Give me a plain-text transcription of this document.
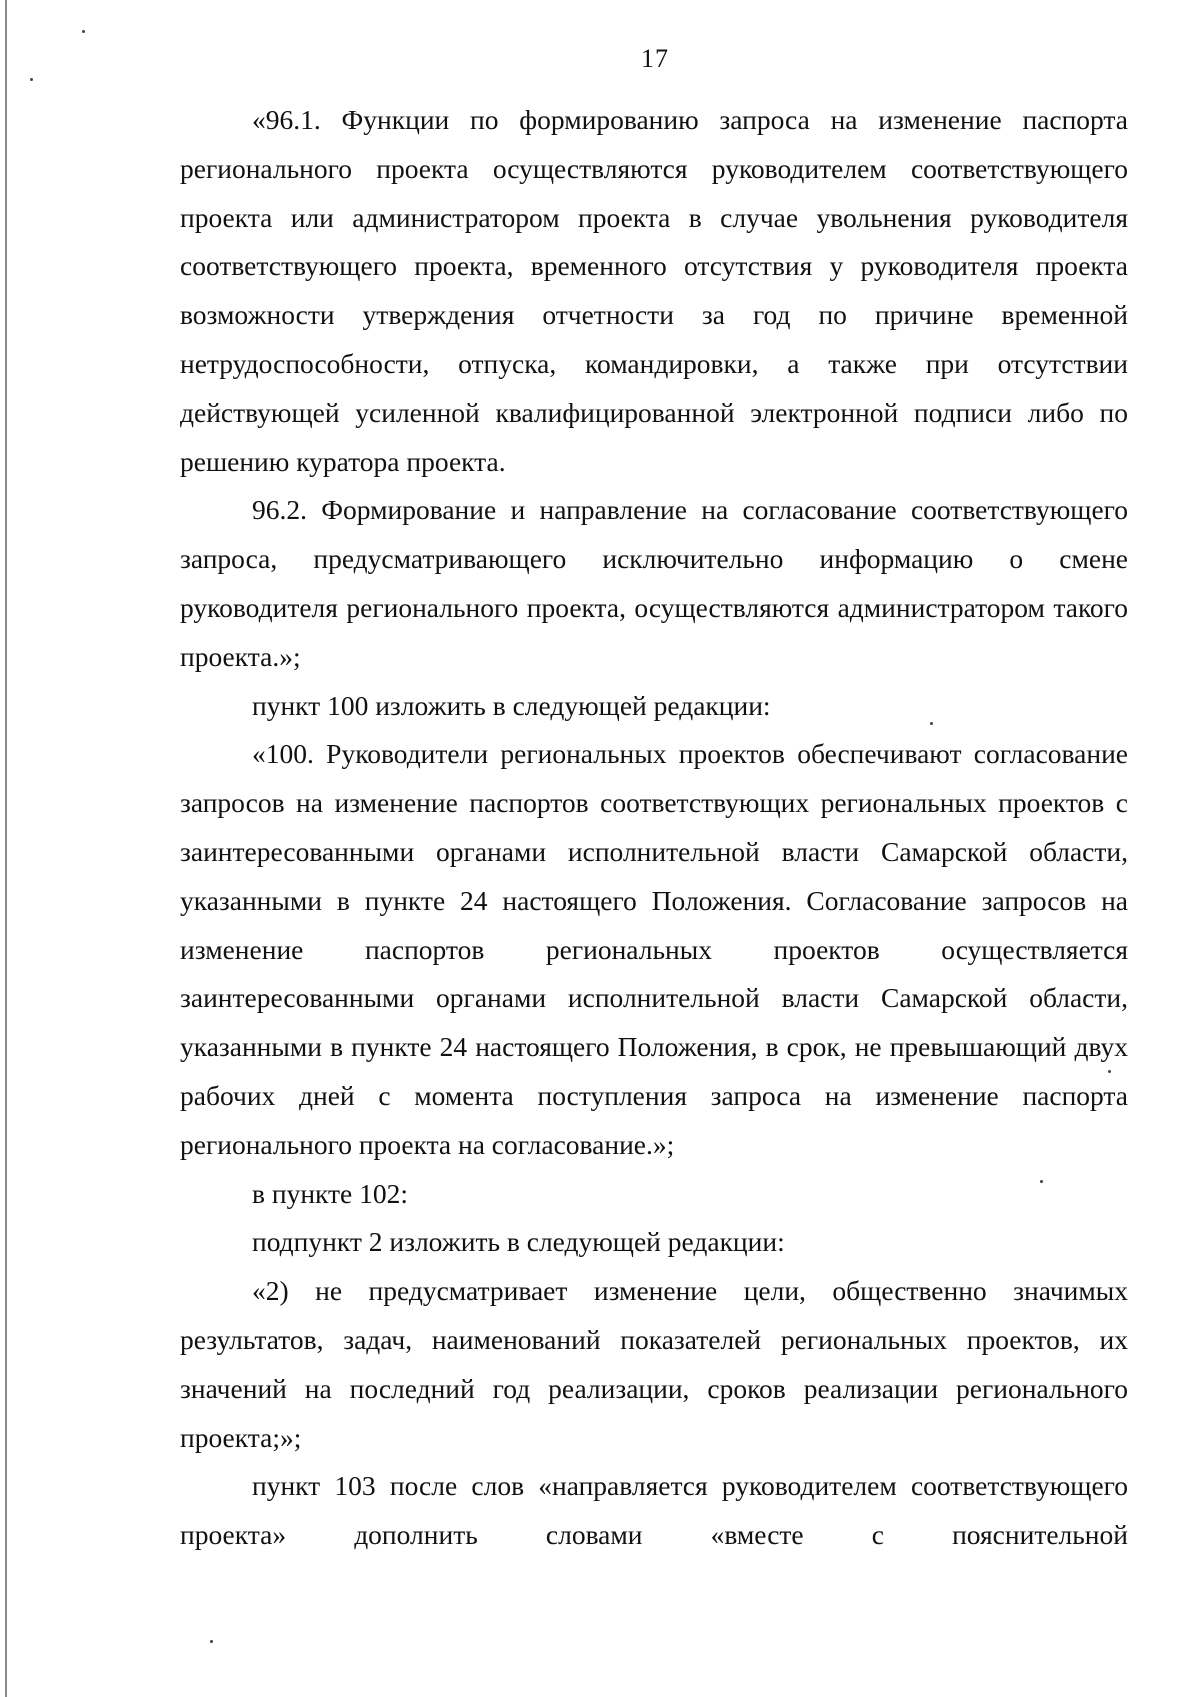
17

«96.1. Функции по формированию запроса на изменение паспорта регионального проекта осуществляются руководителем соответствующего проекта или администратором проекта в случае увольнения руководителя соответствующего проекта, временного отсутствия у руководителя проекта возможности утверждения отчетности за год по причине временной нетрудоспособности, отпуска, командировки, а также при отсутствии действующей усиленной квалифицированной электронной подписи либо по решению куратора проекта.

96.2. Формирование и направление на согласование соответствующего запроса, предусматривающего исключительно информацию о смене руководителя регионального проекта, осуществляются администратором такого проекта.»;

пункт 100 изложить в следующей редакции:

«100. Руководители региональных проектов обеспечивают согласование запросов на изменение паспортов соответствующих региональных проектов с заинтересованными органами исполнительной власти Самарской области, указанными в пункте 24 настоящего Положения. Согласование запросов на изменение паспортов региональных проектов осуществляется заинтересованными органами исполнительной власти Самарской области, указанными в пункте 24 настоящего Положения, в срок, не превышающий двух рабочих дней с момента поступления запроса на изменение паспорта регионального проекта на согласование.»;

в пункте 102:

подпункт 2 изложить в следующей редакции:

«2) не предусматривает изменение цели, общественно значимых результатов, задач, наименований показателей региональных проектов, их значений на последний год реализации, сроков реализации регионального проекта;»;

пункт 103 после слов «направляется руководителем соответствующего проекта» дополнить словами «вместе с пояснительной
